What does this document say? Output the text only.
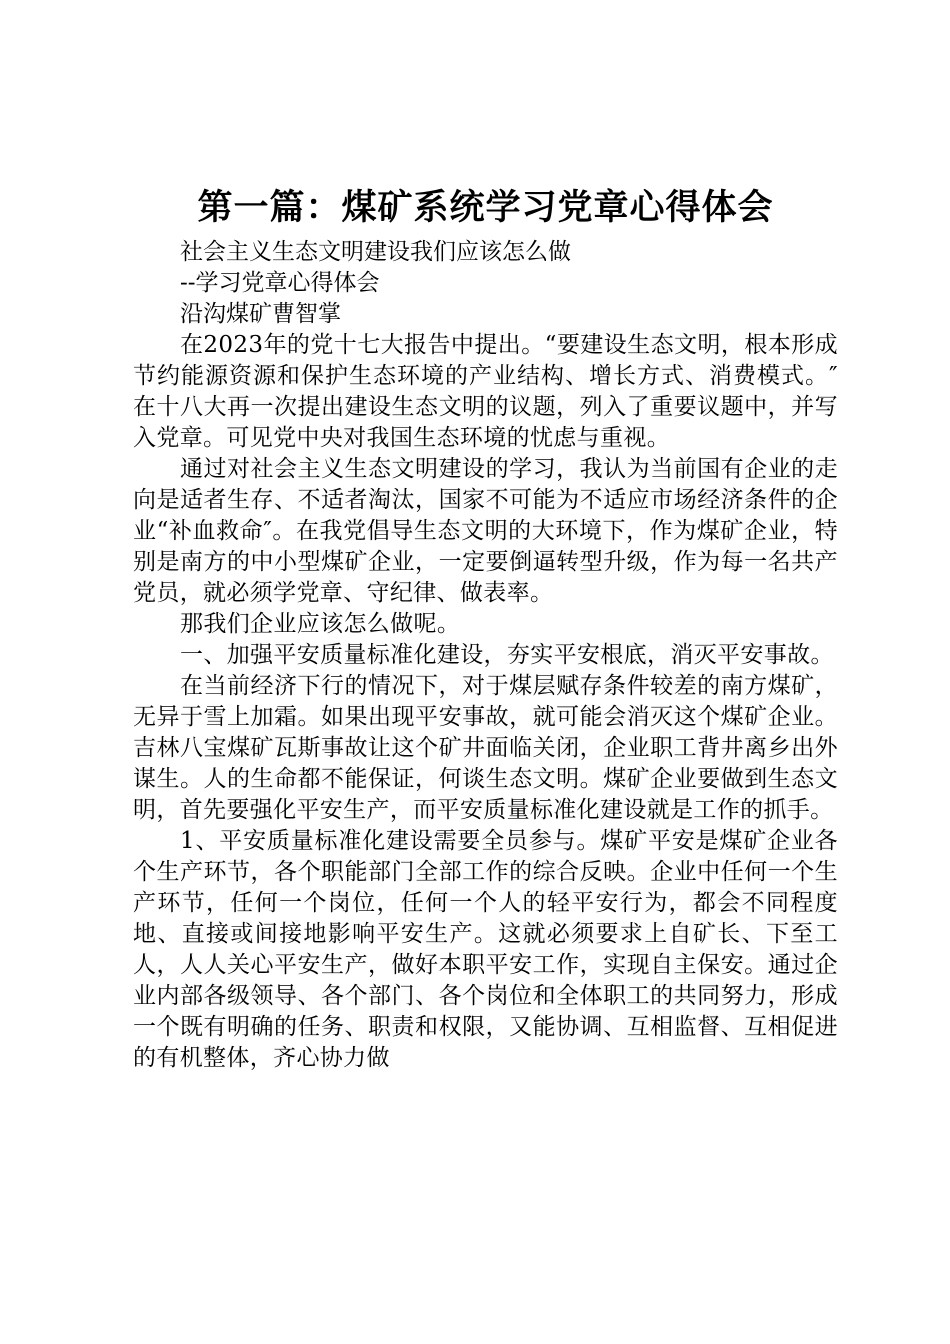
第一篇：煤矿系统学习党章心得体会

社会主义生态文明建设我们应该怎么做

--学习党章心得体会

沿沟煤矿曹智掌

在2023年的党十七大报告中提出。“要建设生态文明，根本形成节约能源资源和保护生态环境的产业结构、增长方式、消费模式。″在十八大再一次提出建设生态文明的议题，列入了重要议题中，并写入党章。可见党中央对我国生态环境的忧虑与重视。

通过对社会主义生态文明建设的学习，我认为当前国有企业的走向是适者生存、不适者淘汰，国家不可能为不适应市场经济条件的企业“补血救命″。在我党倡导生态文明的大环境下，作为煤矿企业，特别是南方的中小型煤矿企业，一定要倒逼转型升级，作为每一名共产党员，就必须学党章、守纪律、做表率。

那我们企业应该怎么做呢。

一、加强平安质量标准化建设，夯实平安根底，消灭平安事故。

在当前经济下行的情况下，对于煤层赋存条件较差的南方煤矿，无异于雪上加霜。如果出现平安事故，就可能会消灭这个煤矿企业。吉林八宝煤矿瓦斯事故让这个矿井面临关闭，企业职工背井离乡出外谋生。人的生命都不能保证，何谈生态文明。煤矿企业要做到生态文明，首先要强化平安生产，而平安质量标准化建设就是工作的抓手。

1、平安质量标准化建设需要全员参与。煤矿平安是煤矿企业各个生产环节，各个职能部门全部工作的综合反映。企业中任何一个生产环节，任何一个岗位，任何一个人的轻平安行为，都会不同程度地、直接或间接地影响平安生产。这就必须要求上自矿长、下至工人，人人关心平安生产，做好本职平安工作，实现自主保安。通过企业内部各级领导、各个部门、各个岗位和全体职工的共同努力，形成一个既有明确的任务、职责和权限，又能协调、互相监督、互相促进的有机整体，齐心协力做
